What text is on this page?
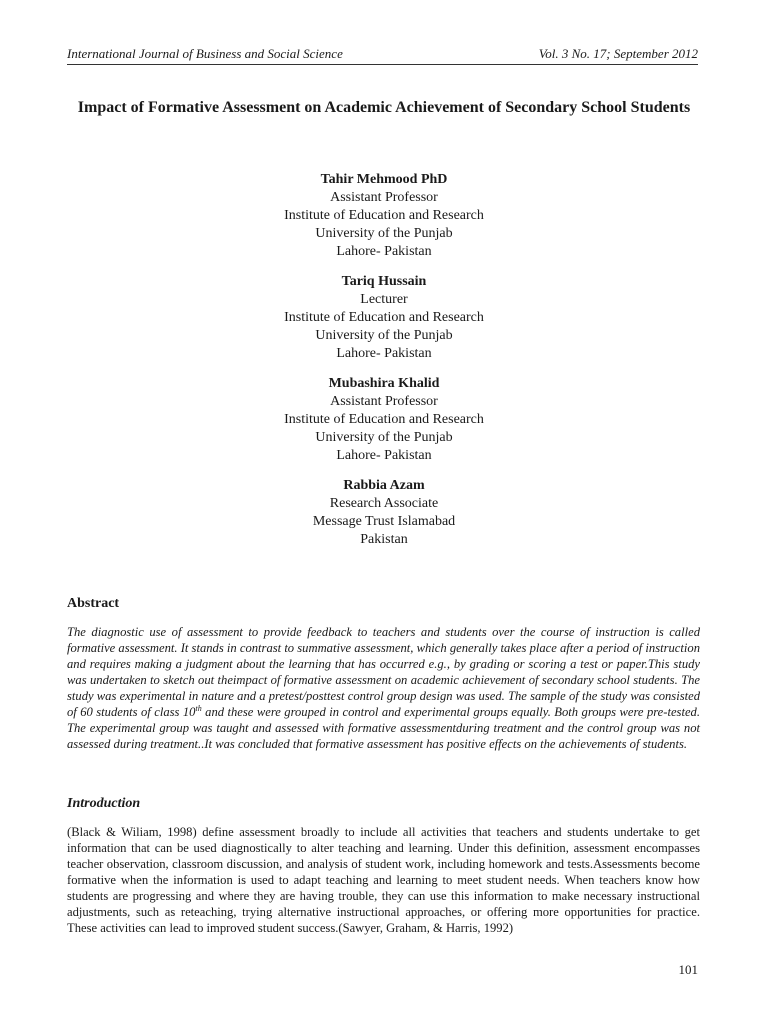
International Journal of Business and Social Science	Vol. 3 No. 17; September 2012
Impact of Formative Assessment on Academic Achievement of Secondary School Students
Tahir Mehmood PhD
Assistant Professor
Institute of Education and Research
University of the Punjab
Lahore- Pakistan
Tariq Hussain
Lecturer
Institute of Education and Research
University of the Punjab
Lahore- Pakistan
Mubashira Khalid
Assistant Professor
Institute of Education and Research
University of the Punjab
Lahore- Pakistan
Rabbia Azam
Research Associate
Message Trust Islamabad
Pakistan
Abstract
The diagnostic use of assessment to provide feedback to teachers and students over the course of instruction is called formative assessment. It stands in contrast to summative assessment, which generally takes place after a period of instruction and requires making a judgment about the learning that has occurred e.g., by grading or scoring a test or paper.This study was undertaken to sketch out theimpact of formative assessment on academic achievement of secondary school students. The study was experimental in nature and a pretest/posttest control group design was used. The sample of the study was consisted of 60 students of class 10th and these were grouped in control and experimental groups equally. Both groups were pre-tested. The experimental group was taught and assessed with formative assessmentduring treatment and the control group was not assessed during treatment..It was concluded that formative assessment has positive effects on the achievements of students.
Introduction
(Black & Wiliam, 1998) define assessment broadly to include all activities that teachers and students undertake to get information that can be used diagnostically to alter teaching and learning. Under this definition, assessment encompasses teacher observation, classroom discussion, and analysis of student work, including homework and tests.Assessments become formative when the information is used to adapt teaching and learning to meet student needs. When teachers know how students are progressing and where they are having trouble, they can use this information to make necessary instructional adjustments, such as reteaching, trying alternative instructional approaches, or offering more opportunities for practice. These activities can lead to improved student success.(Sawyer, Graham, & Harris, 1992)
101
